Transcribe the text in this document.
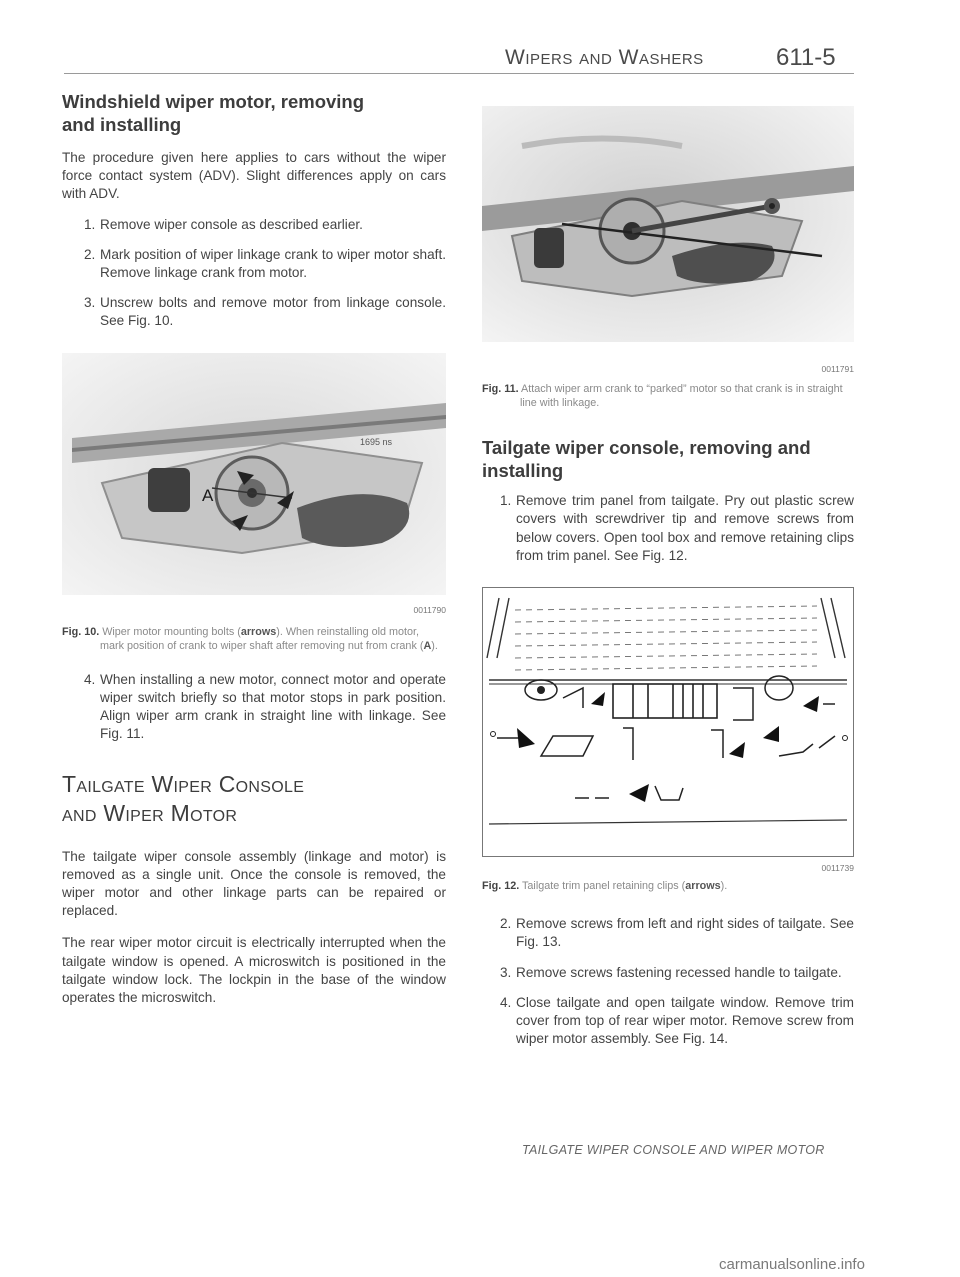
Wipers and Washers	611-5
Windshield wiper motor, removing and installing

The procedure given here applies to cars without the wiper force contact system (ADV). Slight differences apply on cars with ADV.

1. Remove wiper console as described earlier.
2. Mark position of wiper linkage crank to wiper motor shaft. Remove linkage crank from motor.
3. Unscrew bolts and remove motor from linkage console. See Fig. 10.
A
1695 ns
0011790
Fig. 10. Wiper motor mounting bolts (arrows). When reinstalling old motor, mark position of crank to wiper shaft after removing nut from crank (A).
4. When installing a new motor, connect motor and operate wiper switch briefly so that motor stops in park position. Align wiper arm crank in straight line with linkage. See Fig. 11.
Tailgate Wiper Console
and Wiper Motor

The tailgate wiper console assembly (linkage and motor) is removed as a single unit. Once the console is removed, the wiper motor and other linkage parts can be repaired or replaced.

The rear wiper motor circuit is electrically interrupted when the tailgate window is opened. A microswitch is positioned in the tailgate window lock. The lockpin in the base of the window operates the microswitch.

0011791
Fig. 11. Attach wiper arm crank to “parked” motor so that crank is in straight line with linkage.
Tailgate wiper console, removing and installing
1. Remove trim panel from tailgate. Pry out plastic screw covers with screwdriver tip and remove screws from below covers. Open tool box and remove retaining clips from trim panel. See Fig. 12.
0011739
Fig. 12. Tailgate trim panel retaining clips (arrows).
2. Remove screws from left and right sides of tailgate. See Fig. 13.
3. Remove screws fastening recessed handle to tailgate.
4. Close tailgate and open tailgate window. Remove trim cover from top of rear wiper motor. Remove screw from wiper motor assembly. See Fig. 14.
TAILGATE WIPER CONSOLE AND WIPER MOTOR
carmanualsonline.info
